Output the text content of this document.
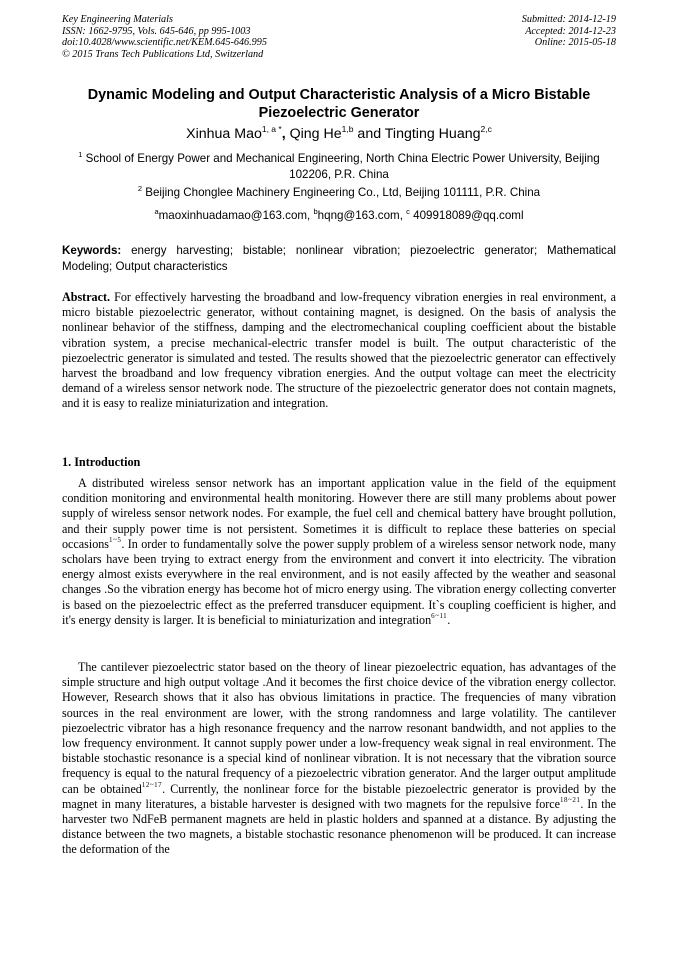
Key Engineering Materials
ISSN: 1662-9795, Vols. 645-646, pp 995-1003
doi:10.4028/www.scientific.net/KEM.645-646.995
© 2015 Trans Tech Publications Ltd, Switzerland
Submitted: 2014-12-19
Accepted: 2014-12-23
Online: 2015-05-18
Dynamic Modeling and Output Characteristic Analysis of a Micro Bistable Piezoelectric Generator
Xinhua Mao$^{1, a *}$, Qing He$^{1,b}$ and Tingting Huang$^{2,c}$
$^1$ School of Energy Power and Mechanical Engineering, North China Electric Power University, Beijing 102206, P.R. China
$^2$ Beijing Chonglee Machinery Engineering Co., Ltd, Beijing 101111, P.R. China
$^a$maoxinhuadamao@163.com, $^b$hqng@163.com, $^c$ 409918089@qq.coml
Keywords: energy harvesting; bistable; nonlinear vibration; piezoelectric generator; Mathematical Modeling; Output characteristics
Abstract. For effectively harvesting the broadband and low-frequency vibration energies in real environment, a micro bistable piezoelectric generator, without containing magnet, is designed. On the basis of analysis the nonlinear behavior of the stiffness, damping and the electromechanical coupling coefficient about the bistable vibration system, a precise mechanical-electric transfer model is built. The output characteristic of the piezoelectric generator is simulated and tested. The results showed that the piezoelectric generator can effectively harvest the broadband and low frequency vibration energies. And the output voltage can meet the electricity demand of a wireless sensor network node. The structure of the piezoelectric generator does not contain magnets, and it is easy to realize miniaturization and integration.
1. Introduction
A distributed wireless sensor network has an important application value in the field of the equipment condition monitoring and environmental health monitoring. However there are still many problems about power supply of wireless sensor network nodes. For example, the fuel cell and chemical battery have brought pollution, and their supply power time is not persistent. Sometimes it is difficult to replace these batteries on special occasions$^{1\sim 5}$. In order to fundamentally solve the power supply problem of a wireless sensor network node, many scholars have been trying to extract energy from the environment and convert it into electricity. The vibration energy almost exists everywhere in the real environment, and is not easily affected by the weather and seasonal changes .So the vibration energy has become hot of micro energy using. The vibration energy collecting converter is based on the piezoelectric effect as the preferred transducer equipment. It`s coupling coefficient is higher, and it's energy density is larger. It is beneficial to miniaturization and integration$^{6\sim 11}$.
The cantilever piezoelectric stator based on the theory of linear piezoelectric equation, has advantages of the simple structure and high output voltage .And it becomes the first choice device of the vibration energy collector. However, Research shows that it also has obvious limitations in practice. The frequencies of many vibration sources in the real environment are lower, with the strong randomness and large volatility. The cantilever piezoelectric vibrator has a high resonance frequency and the narrow resonant bandwidth, and not applies to the low frequency environment. It cannot supply power under a low-frequency weak signal in real environment. The bistable stochastic resonance is a special kind of nonlinear vibration. It is not necessary that the vibration source frequency is equal to the natural frequency of a piezoelectric vibration generator. And the larger output amplitude can be obtained$^{12\sim 17}$. Currently, the nonlinear force for the bistable piezoelectric generator is provided by the magnet in many literatures, a bistable harvester is designed with two magnets for the repulsive force$^{18\sim 21}$. In the harvester two NdFeB permanent magnets are held in plastic holders and spanned at a distance. By adjusting the distance between the two magnets, a bistable stochastic resonance phenomenon will be produced. It can increase the deformation of the
